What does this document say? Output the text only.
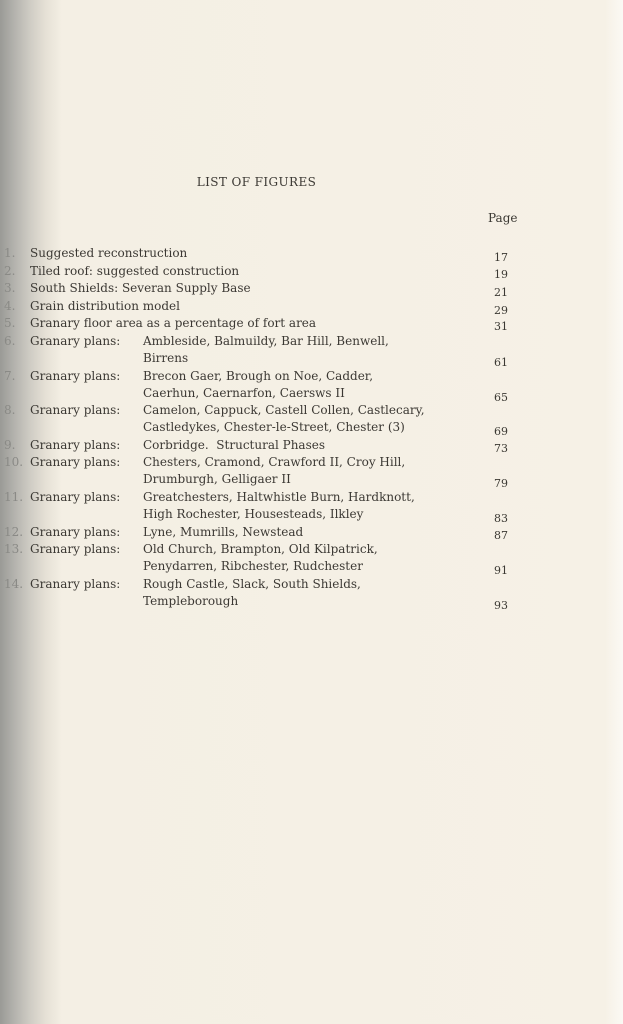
LIST OF FIGURES
Page
1.	Suggested reconstruction	17
2.	Tiled roof: suggested construction	19
3.	South Shields: Severan Supply Base	21
4.	Grain distribution model	29
5.	Granary floor area as a percentage of fort area	31
6.	Granary plans: Ambleside, Balmuildy, Bar Hill, Benwell,
Birrens	61
7.	Granary plans: Brecon Gaer, Brough on Noe, Cadder,
Caerhun, Caernarfon, Caersws II	65
8.	Granary plans: Camelon, Cappuck, Castell Collen, Castlecary,
Castledykes, Chester-le-Street, Chester (3)	69
9.	Granary plans: Corbridge.  Structural Phases	73
10. Granary plans: Chesters, Cramond, Crawford II, Croy Hill,
Drumburgh, Gelligaer II	79
11. Granary plans: Greatchesters, Haltwhistle Burn, Hardknott,
High Rochester, Housesteads, Ilkley	83
12. Granary plans: Lyne, Mumrills, Newstead	87
13. Granary plans: Old Church, Brampton, Old Kilpatrick,
Penydarren, Ribchester, Rudchester	91
14. Granary plans: Rough Castle, Slack, South Shields,
Templeborough	93
